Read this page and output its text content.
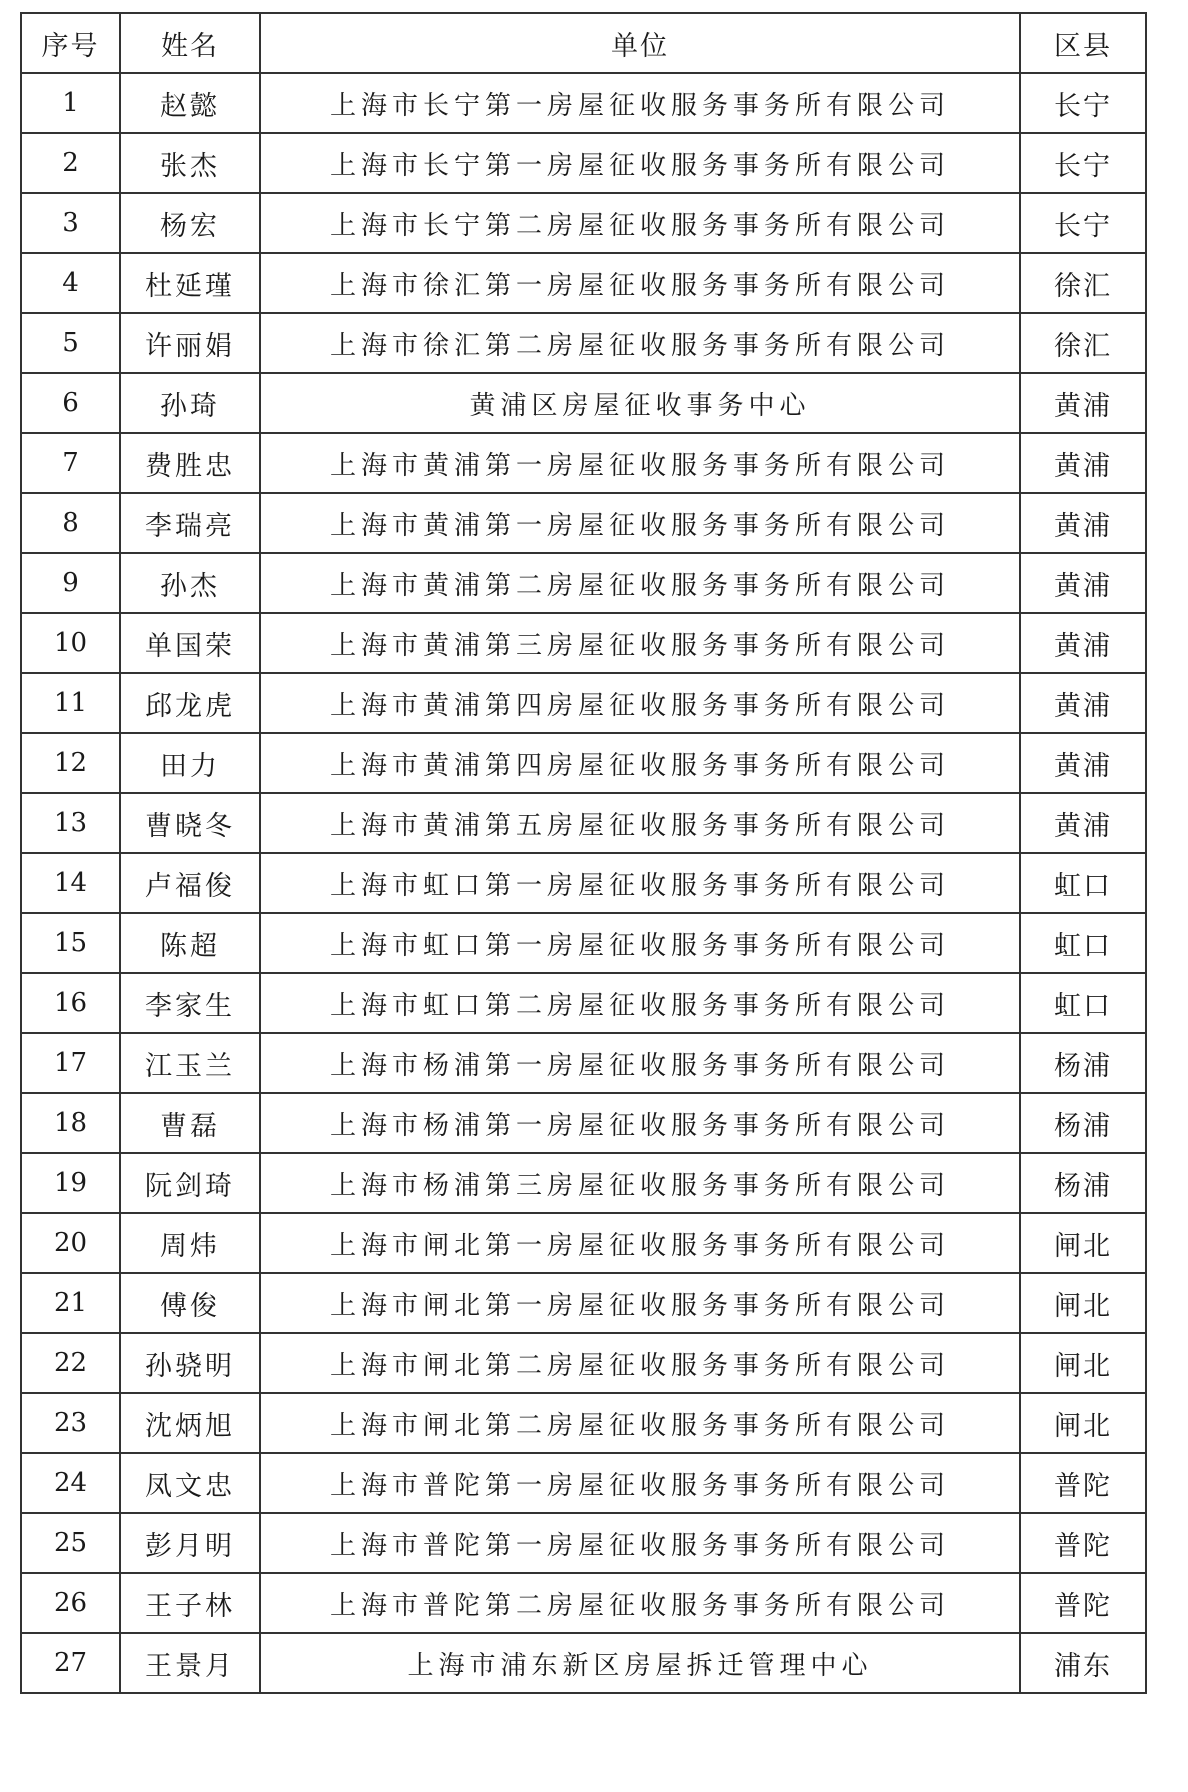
序号	姓名	单位	区县
1	赵懿	上海市长宁第一房屋征收服务事务所有限公司	长宁
2	张杰	上海市长宁第一房屋征收服务事务所有限公司	长宁
3	杨宏	上海市长宁第二房屋征收服务事务所有限公司	长宁
4	杜延瑾	上海市徐汇第一房屋征收服务事务所有限公司	徐汇
5	许丽娟	上海市徐汇第二房屋征收服务事务所有限公司	徐汇
6	孙琦	黄浦区房屋征收事务中心	黄浦
7	费胜忠	上海市黄浦第一房屋征收服务事务所有限公司	黄浦
8	李瑞亮	上海市黄浦第一房屋征收服务事务所有限公司	黄浦
9	孙杰	上海市黄浦第二房屋征收服务事务所有限公司	黄浦
10	单国荣	上海市黄浦第三房屋征收服务事务所有限公司	黄浦
11	邱龙虎	上海市黄浦第四房屋征收服务事务所有限公司	黄浦
12	田力	上海市黄浦第四房屋征收服务事务所有限公司	黄浦
13	曹晓冬	上海市黄浦第五房屋征收服务事务所有限公司	黄浦
14	卢福俊	上海市虹口第一房屋征收服务事务所有限公司	虹口
15	陈超	上海市虹口第一房屋征收服务事务所有限公司	虹口
16	李家生	上海市虹口第二房屋征收服务事务所有限公司	虹口
17	江玉兰	上海市杨浦第一房屋征收服务事务所有限公司	杨浦
18	曹磊	上海市杨浦第一房屋征收服务事务所有限公司	杨浦
19	阮剑琦	上海市杨浦第三房屋征收服务事务所有限公司	杨浦
20	周炜	上海市闸北第一房屋征收服务事务所有限公司	闸北
21	傅俊	上海市闸北第一房屋征收服务事务所有限公司	闸北
22	孙骁明	上海市闸北第二房屋征收服务事务所有限公司	闸北
23	沈炳旭	上海市闸北第二房屋征收服务事务所有限公司	闸北
24	凤文忠	上海市普陀第一房屋征收服务事务所有限公司	普陀
25	彭月明	上海市普陀第一房屋征收服务事务所有限公司	普陀
26	王子林	上海市普陀第二房屋征收服务事务所有限公司	普陀
27	王景月	上海市浦东新区房屋拆迁管理中心	浦东
